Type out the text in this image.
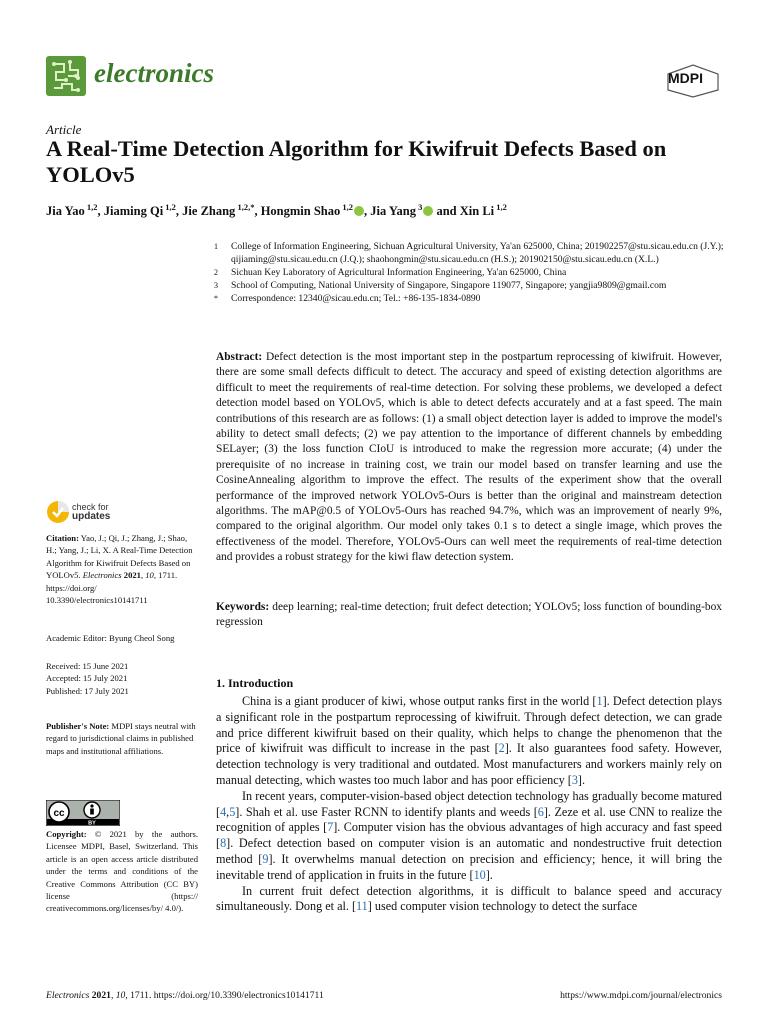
electronics	MDPI
Article
A Real-Time Detection Algorithm for Kiwifruit Defects Based on YOLOv5
Jia Yao $^{1,2}$, Jiaming Qi $^{1,2}$, Jie Zhang $^{1,2,*}$, Hongmin Shao $^{1,2}$ , Jia Yang $^3$ and Xin Li $^{1,2}$
1	College of Information Engineering, Sichuan Agricultural University, Ya'an 625000, China; 201902257@stu.sicau.edu.cn (J.Y.); qijiaming@stu.sicau.edu.cn (J.Q.); shaohongmin@stu.sicau.edu.cn (H.S.); 201902150@stu.sicau.edu.cn (X.L.)
2	Sichuan Key Laboratory of Agricultural Information Engineering, Ya'an 625000, China
3	School of Computing, National University of Singapore, Singapore 119077, Singapore; yangjia9809@gmail.com
*	Correspondence: 12340@sicau.edu.cn; Tel.: +86-135-1834-0890
Abstract: Defect detection is the most important step in the postpartum reprocessing of kiwifruit. However, there are some small defects difficult to detect. The accuracy and speed of existing detection algorithms are difficult to meet the requirements of real-time detection. For solving these problems, we developed a defect detection model based on YOLOv5, which is able to detect defects accurately and at a fast speed. The main contributions of this research are as follows: (1) a small object detection layer is added to improve the model's ability to detect small defects; (2) we pay attention to the importance of different channels by embedding SELayer; (3) the loss function CIoU is introduced to make the regression more accurate; (4) under the prerequisite of no increase in training cost, we train our model based on transfer learning and use the CosineAnnealing algorithm to improve the effect. The results of the experiment show that the overall performance of the improved network YOLOv5-Ours is better than the original and mainstream detection algorithms. The mAP@0.5 of YOLOv5-Ours has reached 94.7%, which was an improvement of nearly 9%, compared to the original algorithm. Our model only takes 0.1 s to detect a single image, which proves the effectiveness of the model. Therefore, YOLOv5-Ours can well meet the requirements of real-time detection and provides a robust strategy for the kiwi flaw detection system.
Keywords: deep learning; real-time detection; fruit defect detection; YOLOv5; loss function of bounding-box regression
check for
updates
Citation: Yao, J.; Qi, J.; Zhang, J.; Shao, H.; Yang, J.; Li, X. A Real-Time Detection Algorithm for Kiwifruit Defects Based on YOLOv5. Electronics 2021, 10, 1711. https://doi.org/ 10.3390/electronics10141711
Academic Editor: Byung Cheol Song
Received: 15 June 2021
Accepted: 15 July 2021
Published: 17 July 2021
Publisher's Note: MDPI stays neutral with regard to jurisdictional claims in published maps and institutional affiliations.
cc
BY
Copyright: © 2021 by the authors. Licensee MDPI, Basel, Switzerland. This article is an open access article distributed under the terms and conditions of the Creative Commons Attribution (CC BY) license (https:// creativecommons.org/licenses/by/ 4.0/).
1. Introduction

China is a giant producer of kiwi, whose output ranks first in the world [1]. Defect detection plays a significant role in the postpartum reprocessing of kiwifruit. Through defect detection, we can grade and price different kiwifruit based on their quality, which helps to change the phenomenon that the price of kiwifruit was difficult to increase in the past [2]. It also guarantees food safety. However, detection technology is very traditional and outdated. Most manufacturers and workers mainly rely on manual detecting, which wastes too much labor and has poor efficiency [3].

In recent years, computer-vision-based object detection technology has gradually become matured [4,5]. Shah et al. use Faster RCNN to identify plants and weeds [6]. Zeze et al. use CNN to realize the recognition of apples [7]. Computer vision has the obvious advantages of high accuracy and fast speed [8]. Defect detection based on computer vision is an automatic and nondestructive fruit detection method [9]. It overwhelms manual detection on precision and efficiency; hence, it will bring the inevitable trend of application in fruits in the future [10].

In current fruit defect detection algorithms, it is difficult to balance speed and accuracy simultaneously. Dong et al. [11] used computer vision technology to detect the surface

Electronics 2021, 10, 1711. https://doi.org/10.3390/electronics10141711	https://www.mdpi.com/journal/electronics
